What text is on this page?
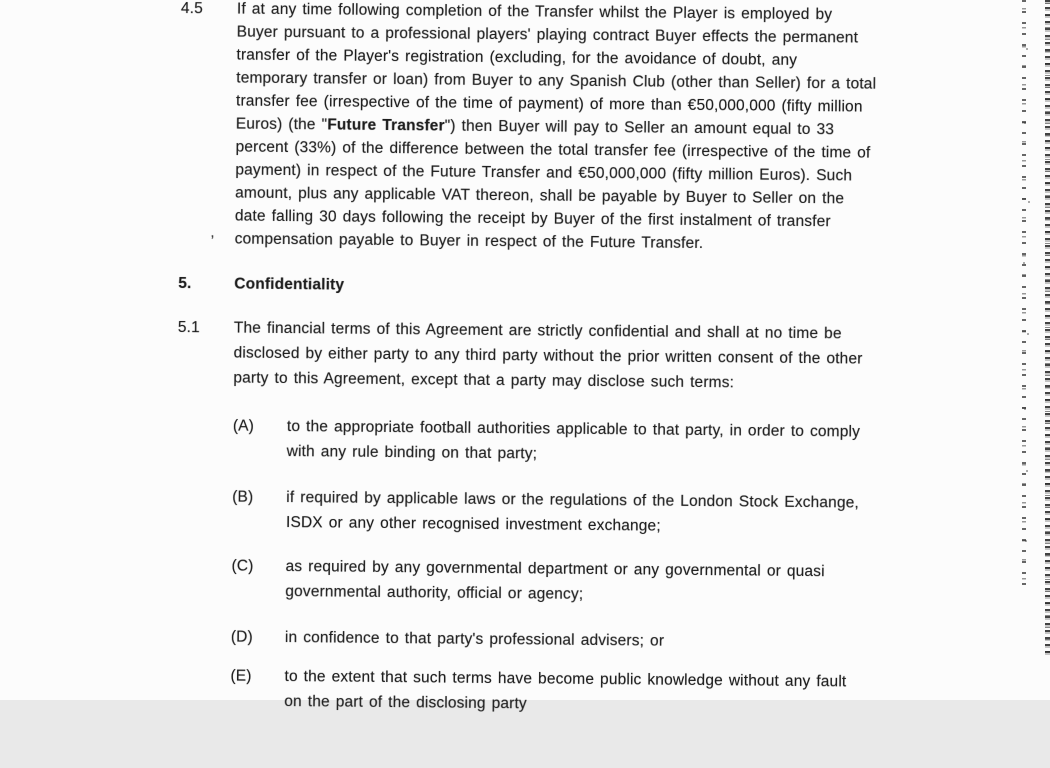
4.5	If at any time following completion of the Transfer whilst the Player is employed by
Buyer pursuant to a professional players' playing contract Buyer effects the permanent
transfer of the Player's registration (excluding, for the avoidance of doubt, any
temporary transfer or loan) from Buyer to any Spanish Club (other than Seller) for a total
transfer fee (irrespective of the time of payment) of more than €50,000,000 (fifty million
Euros) (the "Future Transfer") then Buyer will pay to Seller an amount equal to 33
percent (33%) of the difference between the total transfer fee (irrespective of the time of
payment) in respect of the Future Transfer and €50,000,000 (fifty million Euros). Such
amount, plus any applicable VAT thereon, shall be payable by Buyer to Seller on the
date falling 30 days following the receipt by Buyer of the first instalment of transfer
compensation payable to Buyer in respect of the Future Transfer.
5.	Confidentiality
5.1	The financial terms of this Agreement are strictly confidential and shall at no time be
disclosed by either party to any third party without the prior written consent of the other
party to this Agreement, except that a party may disclose such terms:
(A)	to the appropriate football authorities applicable to that party, in order to comply
with any rule binding on that party;
(B)	if required by applicable laws or the regulations of the London Stock Exchange,
ISDX or any other recognised investment exchange;
(C)	as required by any governmental department or any governmental or quasi
governmental authority, official or agency;
(D)	in confidence to that party's professional advisers; or
(E)	to the extent that such terms have become public knowledge without any fault
on the part of the disclosing party
’
